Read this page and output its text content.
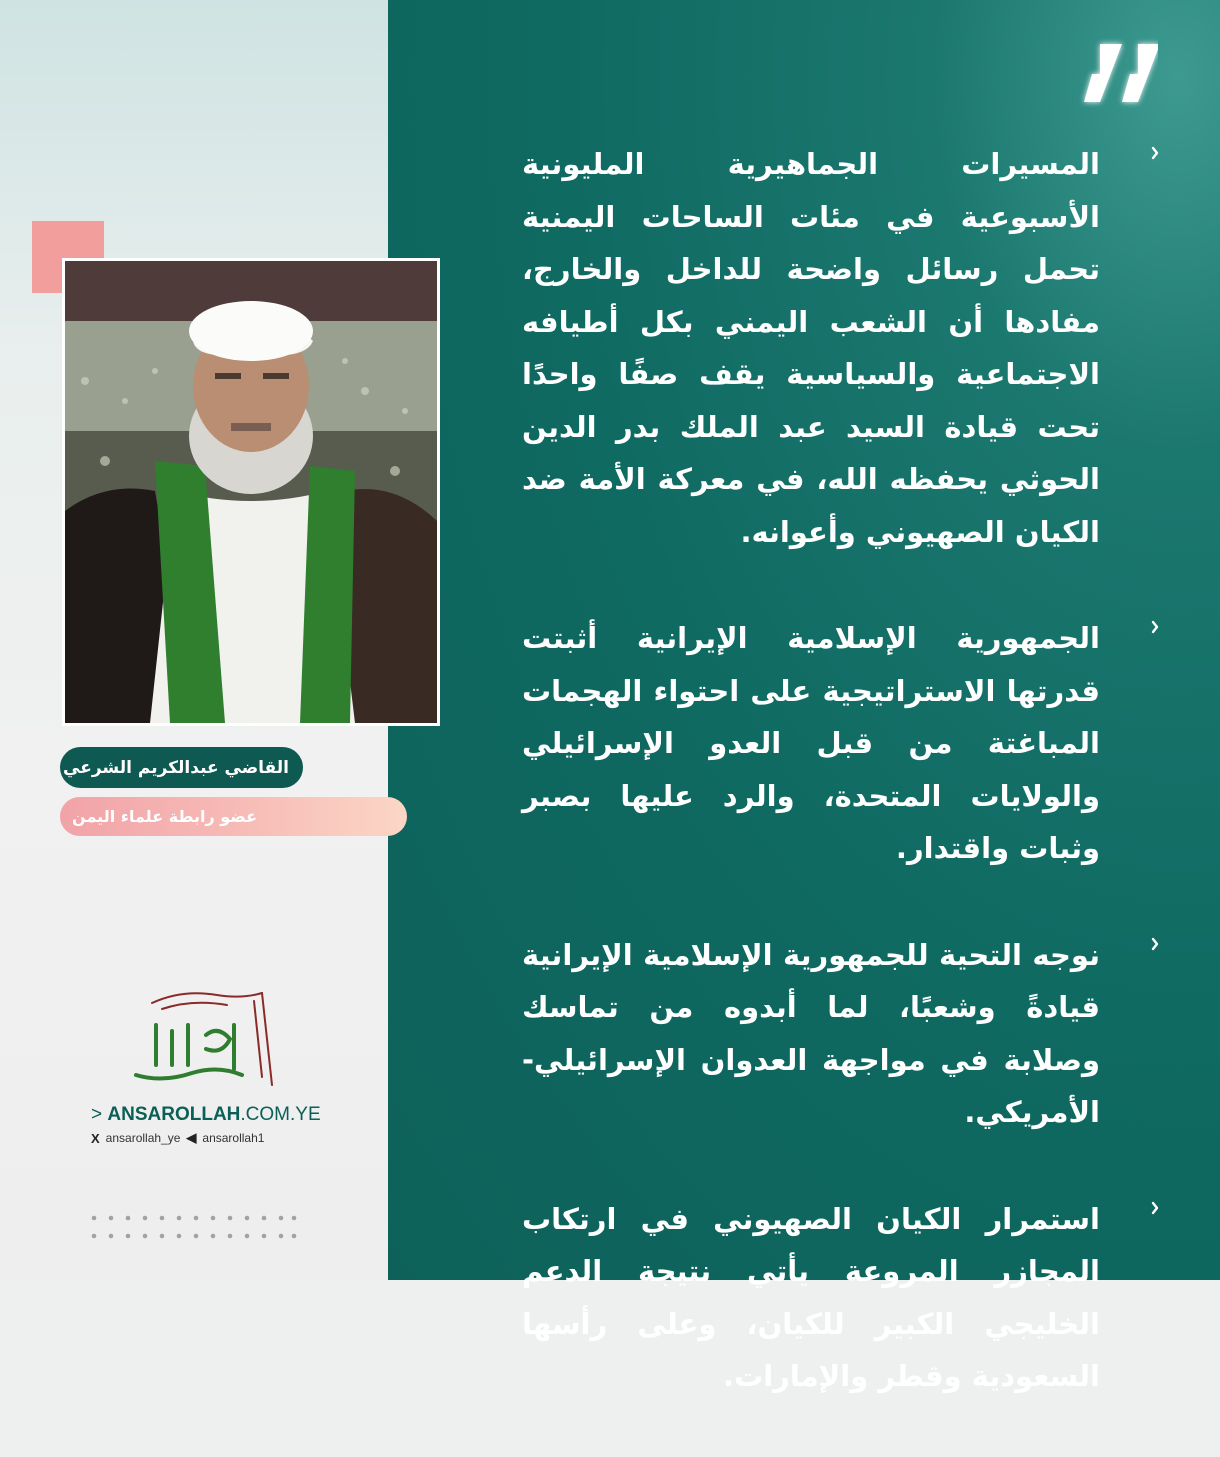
المسيرات الجماهيرية المليونية الأسبوعية في مئات الساحات اليمنية تحمل رسائل واضحة للداخل والخارج، مفادها أن الشعب اليمني بكل أطيافه الاجتماعية والسياسية يقف صفًا واحدًا تحت قيادة السيد عبد الملك بدر الدين الحوثي يحفظه الله، في معركة الأمة ضد الكيان الصهيوني وأعوانه.

الجمهورية الإسلامية الإيرانية أثبتت قدرتها الاستراتيجية على احتواء الهجمات المباغتة من قبل العدو الإسرائيلي والولايات المتحدة، والرد عليها بصبر وثبات واقتدار.

نوجه التحية للجمهورية الإسلامية الإيرانية قيادةً وشعبًا، لما أبدوه من تماسك وصلابة في مواجهة العدوان الإسرائيلي-الأمريكي.

استمرار الكيان الصهيوني في ارتكاب المجازر المروعة يأتي نتيجة الدعم الخليجي الكبير للكيان، وعلى رأسها السعودية وقطر والإمارات.

القاضي عبدالكريم الشرعي
عضو رابطة علماء اليمن
> ANSAROLLAH.COM.YE
X ansarollah_ye ◀ ansarollah1
